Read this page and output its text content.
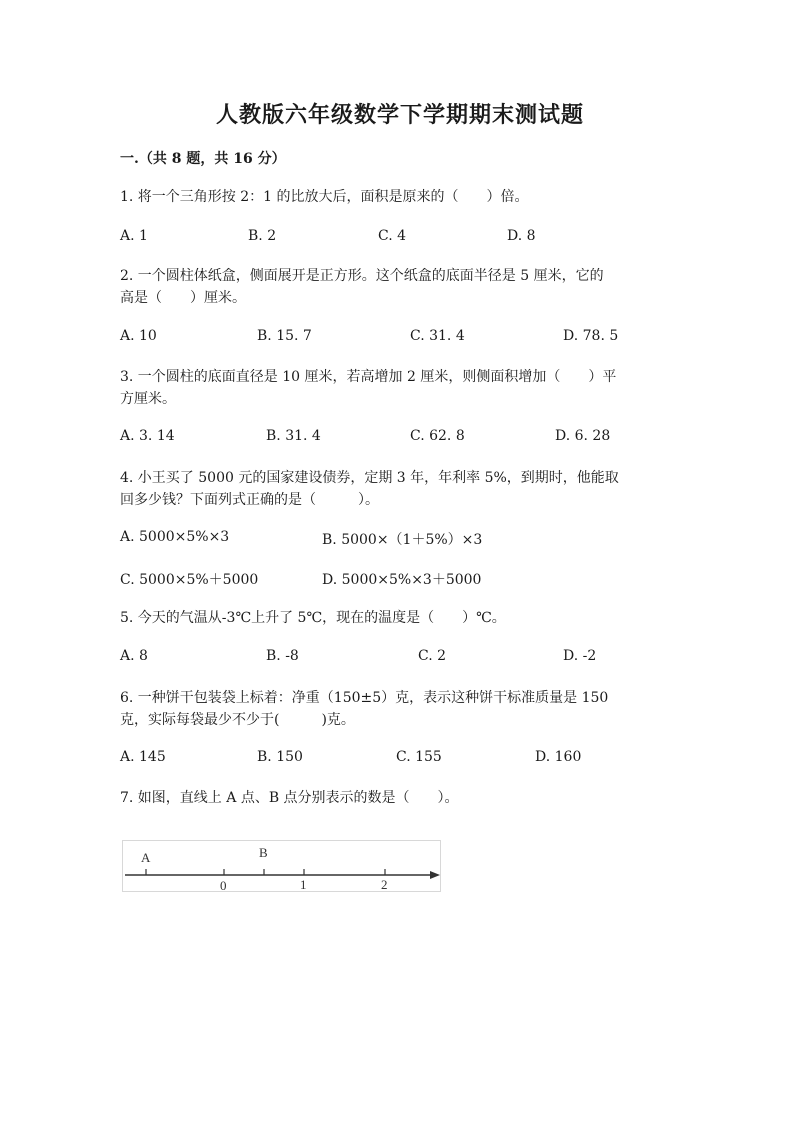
人教版六年级数学下学期期末测试题
一.（共 8 题，共 16 分）
1. 将一个三角形按 2：1 的比放大后，面积是原来的（　　）倍。
A. 1	B. 2	C. 4	D. 8
2. 一个圆柱体纸盒，侧面展开是正方形。这个纸盒的底面半径是 5 厘米，它的
高是（　　）厘米。
A. 10	B. 15. 7	C. 31. 4	D. 78. 5
3. 一个圆柱的底面直径是 10 厘米，若高增加 2 厘米，则侧面积增加（　　）平
方厘米。
A. 3. 14	B. 31. 4	C. 62. 8	D. 6. 28
4. 小王买了 5000 元的国家建设债券，定期 3 年，年利率 5%，到期时，他能取
回多少钱？下面列式正确的是（　　　）。
A. 5000×5%×3	B. 5000×（1＋5%）×3
C. 5000×5%＋5000	D. 5000×5%×3＋5000
5. 今天的气温从-3℃上升了 5℃，现在的温度是（　　）℃。
A. 8	B. -8	C. 2	D. -2
6. 一种饼干包装袋上标着：净重（150±5）克，表示这种饼干标准质量是 150
克，实际每袋最少不少于(　　　)克。
A. 145	B. 150	C. 155	D. 160
7. 如图，直线上 A 点、B 点分别表示的数是（　　）。
A	B
0	1	2
